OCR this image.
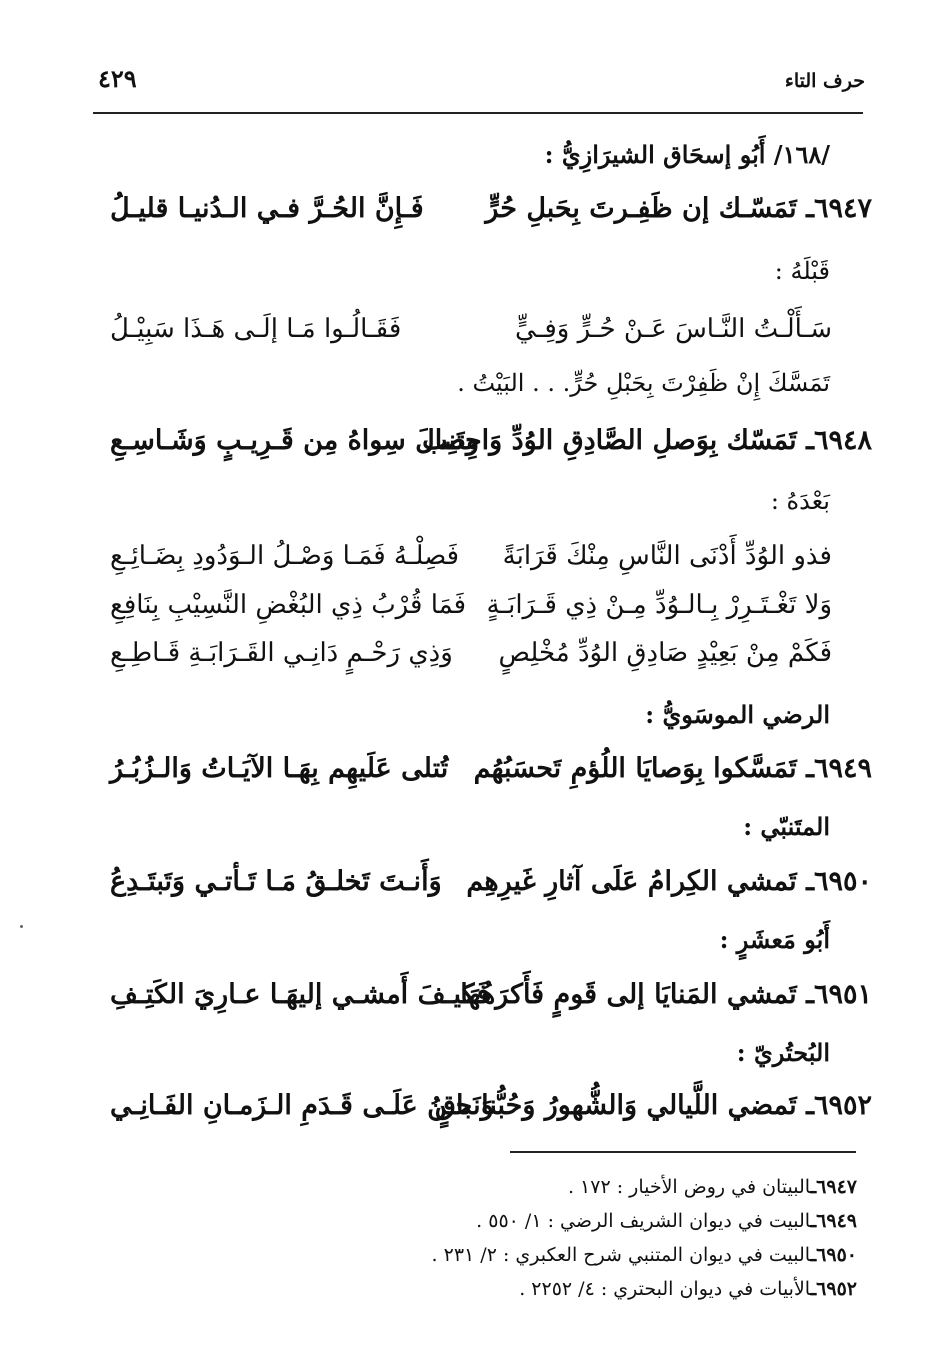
حرف التاء
٤٢٩
/١٦٨/ أَبُو إسحَاق الشيرَازِيُّ :
٦٩٤٧ـ تَمَسّـك إن ظَفِـرتَ بِحَبلِ حُرٍّ
فَـإِنَّ الحُـرَّ فـي الـدُنيـا قليـلُ
قَبْلَهُ :
سَـأَلْـتُ النَّـاسَ عَـنْ حُـرٍّ وَفِـيٍّ
فَقَـالُـوا مَـا إلَـى هَـذَا سَبِيْـلُ
تَمَسَّكَ إِنْ ظَفِرْتَ بِحَبْلِ حُرٍّ. . . البَيْتُ .
٦٩٤٨ـ تَمَسّك بِوَصلِ الصَّادِقِ الوُدِّ وَاجتَنِب
وِصالَ سِواهُ مِن قَـرِيـبٍ وَشَـاسِـعِ
بَعْدَهُ :
فذو الوُدِّ أَدْنَى النَّاسِ مِنْكَ قَرَابَةً
فَصِلْـهُ فَمَـا وَصْـلُ الـوَدُودِ بِضَـائِـعِ
وَلا تَغْـتَـرِرْ بِـالـوُدِّ مِـنْ ذِي قَـرَابَـةٍ
فَمَا قُرْبُ ذِي البُغْضِ النَّسِيْبِ بِنَافِعِ
فَكَمْ مِنْ بَعِيْدٍ صَادِقِ الوُدِّ مُخْلِصٍ
وَذِي رَحْـمٍ دَانِـي القَـرَابَـةِ قَـاطِـعِ
الرضي الموسَويُّ :
٦٩٤٩ـ تَمَسَّكوا بِوَصايَا اللُؤمِ تَحسَبُهُم
تُتلى عَلَيهِم بِهَـا الآيَـاتُ وَالـزُبُـرُ
المتَنبّي :
٦٩٥٠ـ تَمشي الكِرامُ عَلَى آثارِ غَيرِهِم
وَأَنـتَ تَخلـقُ مَـا تَـأتـي وَتَبتَـدِعُ
أَبُو مَعشَرٍ :
٦٩٥١ـ تَمشي المَنايَا إلى قَومٍ فَأَكرَهُهَا
فَكيـفَ أَمشـي إليهَـا عـارِيَ الكَتِـفِ
البُحتُريّ :
٦٩٥٢ـ تَمضي اللَّيالي وَالشُّهورُ وَحُبُّنا باقٍ
وَنَحـنُ عَلَـى قَـدَمِ الـزَمـانِ الفَـانِـي
٦٩٤٧ـالبيتان في روض الأخيار : ١٧٢ .
٦٩٤٩ـالبيت في ديوان الشريف الرضي : ١/ ٥٥٠ .
٦٩٥٠ـالبيت في ديوان المتنبي شرح العكبري : ٢/ ٢٣١ .
٦٩٥٢ـالأبيات في ديوان البحتري : ٤/ ٢٢٥٢ .
